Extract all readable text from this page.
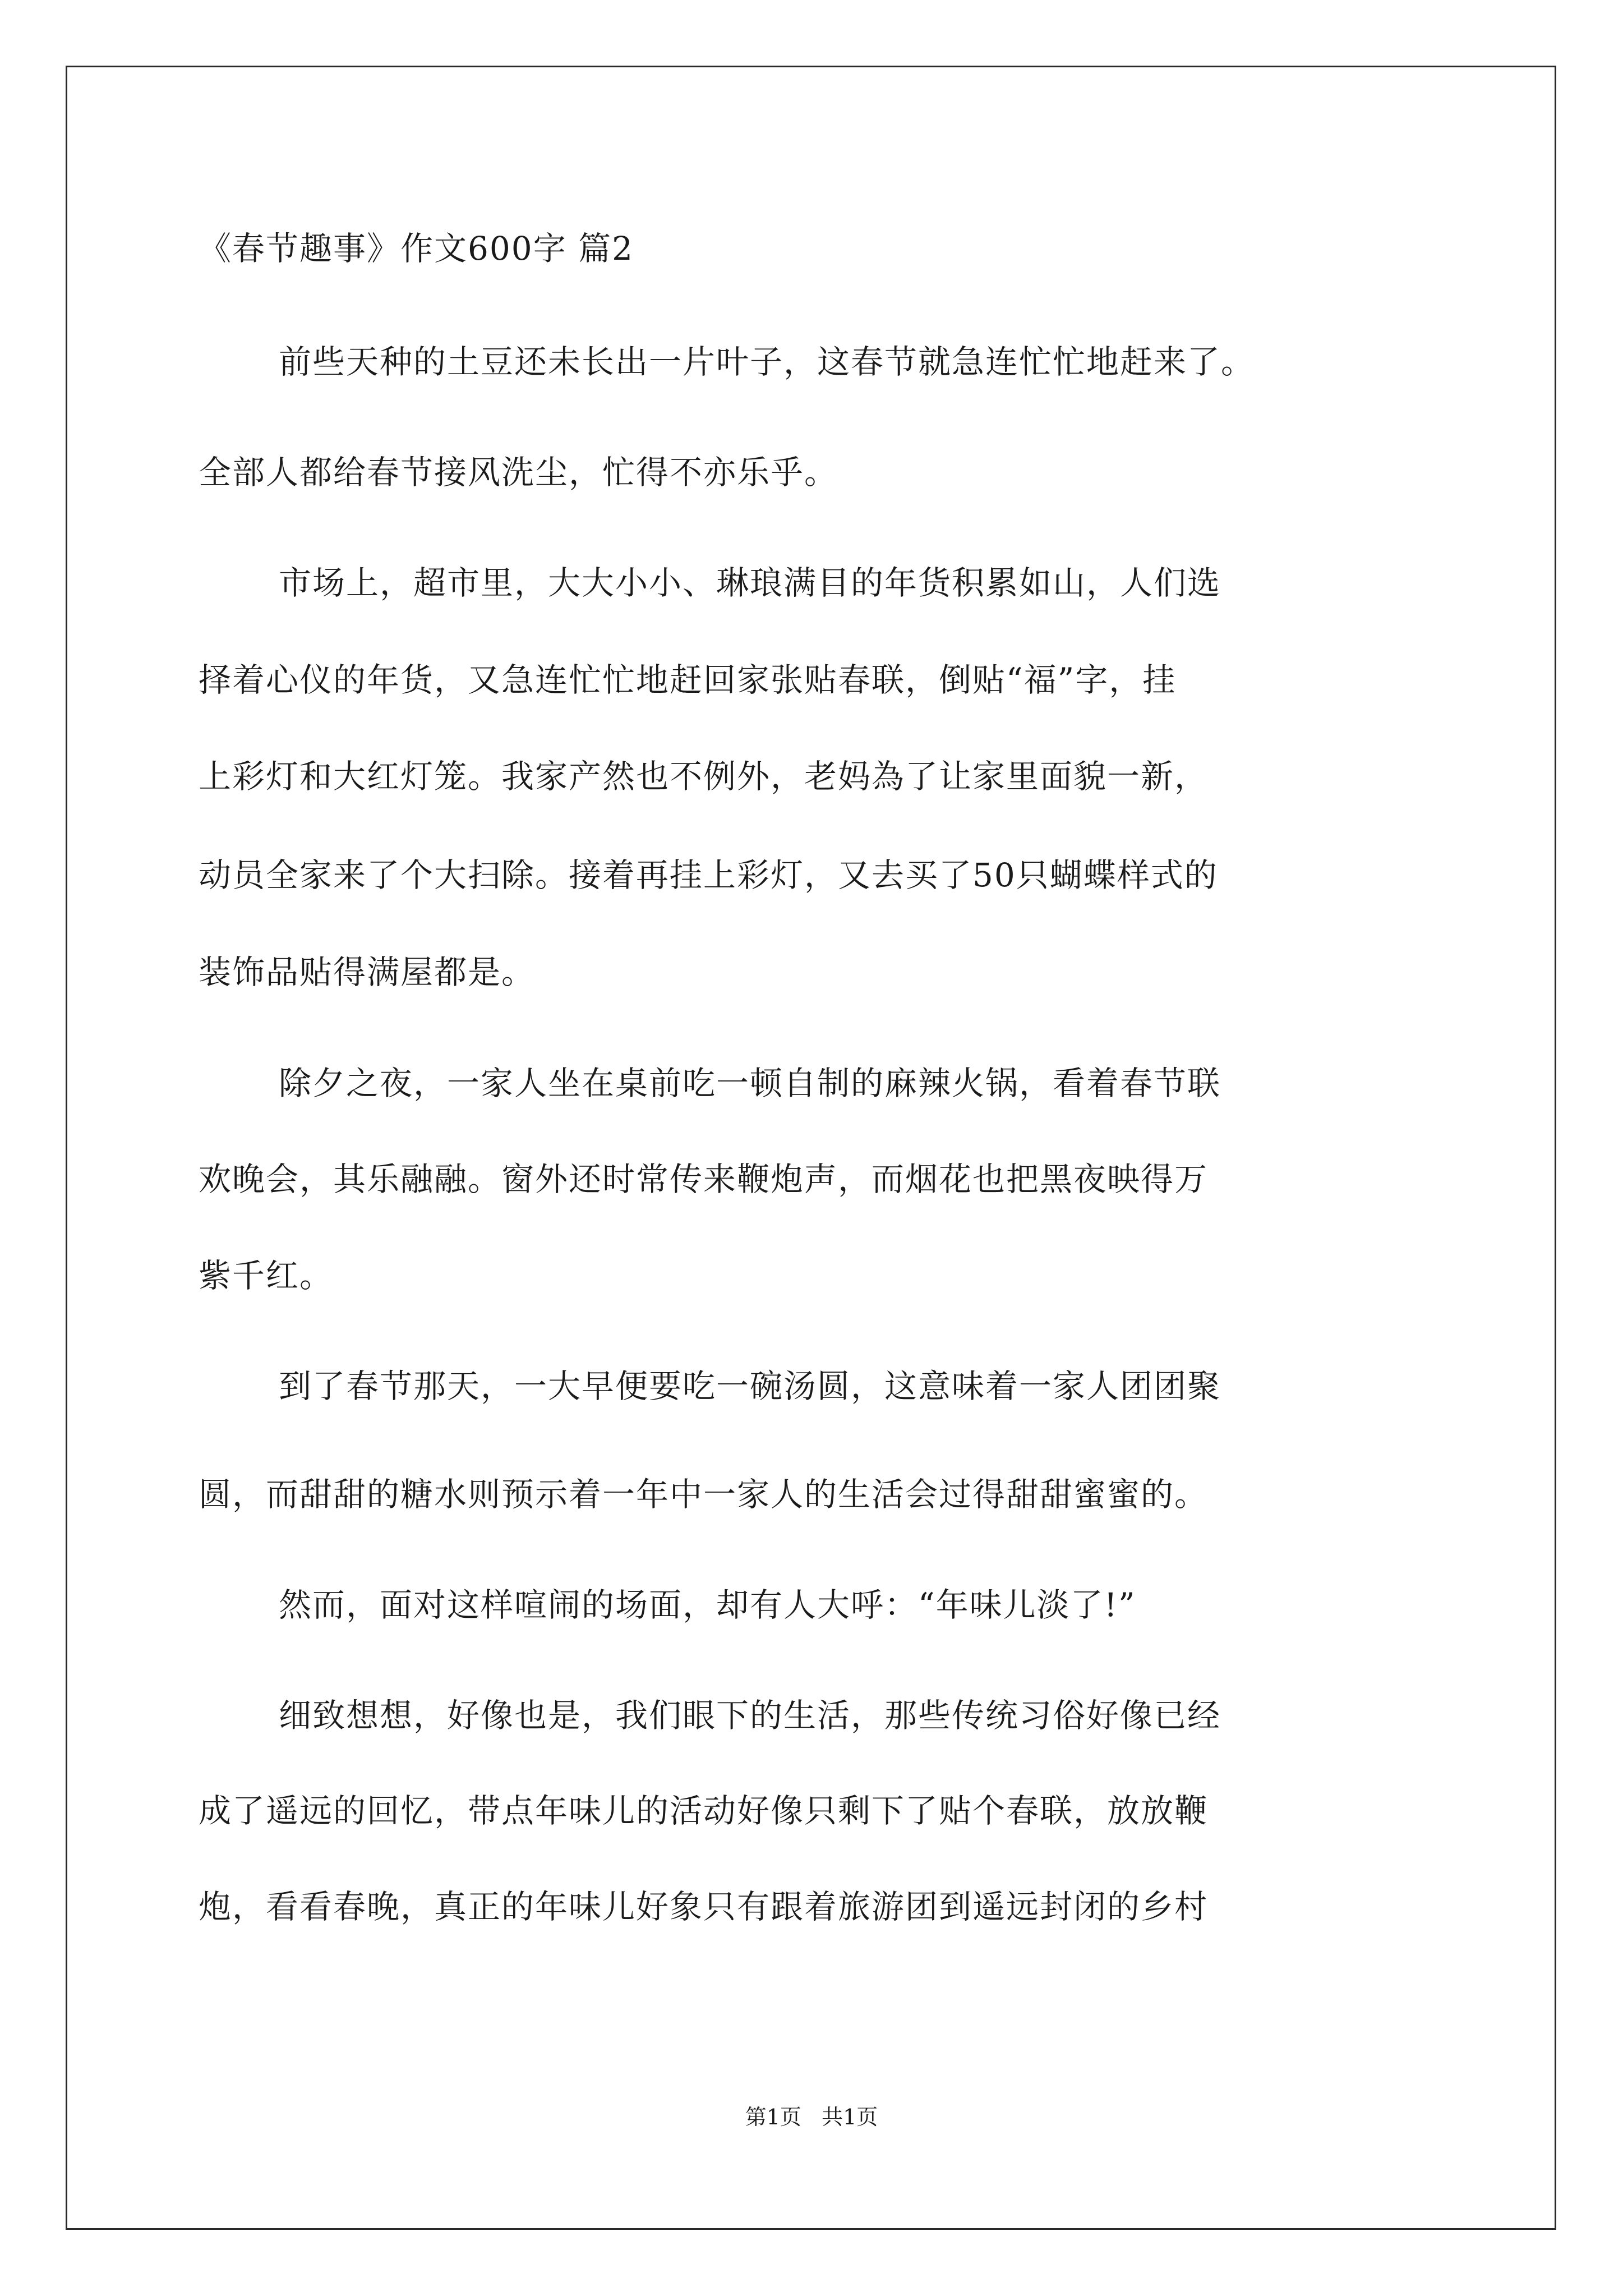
《春节趣事》作文600字 篇2

前些天种的土豆还未长出一片叶子，这春节就急连忙忙地赶来了。

全部人都给春节接风洗尘，忙得不亦乐乎。

市场上，超市里，大大小小、琳琅满目的年货积累如山，人们选

择着心仪的年货，又急连忙忙地赶回家张贴春联，倒贴“福”字，挂

上彩灯和大红灯笼。我家产然也不例外，老妈為了让家里面貌一新，

动员全家来了个大扫除。接着再挂上彩灯，又去买了50只蝴蝶样式的

装饰品贴得满屋都是。

除夕之夜，一家人坐在桌前吃一顿自制的麻辣火锅，看着春节联

欢晚会，其乐融融。窗外还时常传来鞭炮声，而烟花也把黑夜映得万

紫千红。

到了春节那天，一大早便要吃一碗汤圆，这意味着一家人团团聚

圆，而甜甜的糖水则预示着一年中一家人的生活会过得甜甜蜜蜜的。

然而，面对这样喧闹的场面，却有人大呼：“年味儿淡了!”

细致想想，好像也是，我们眼下的生活，那些传统习俗好像已经

成了遥远的回忆，带点年味儿的活动好像只剩下了贴个春联，放放鞭

炮，看看春晚，真正的年味儿好象只有跟着旅游团到遥远封闭的乡村

第1页   共1页
